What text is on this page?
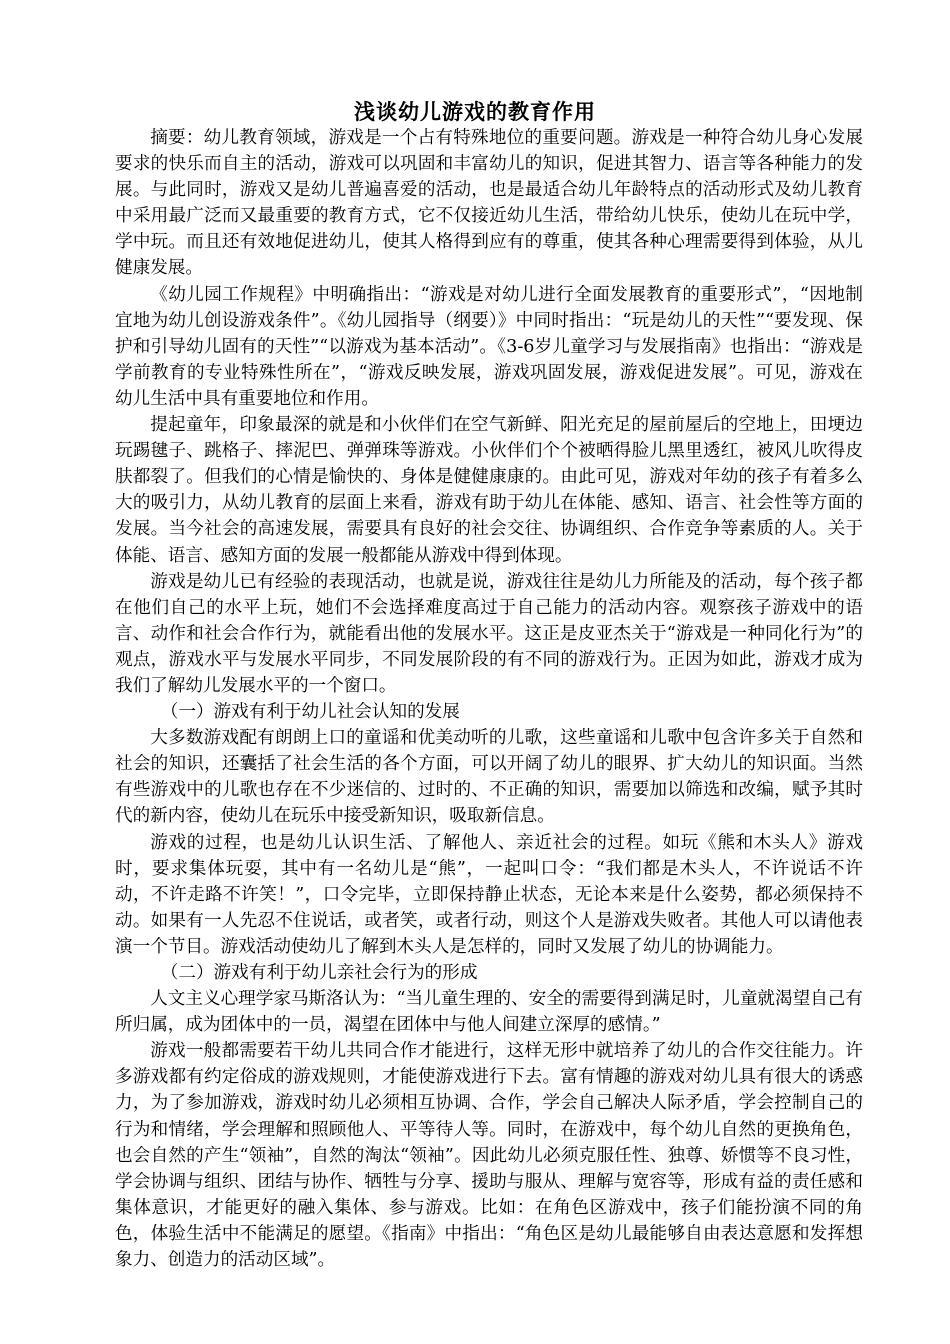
浅谈幼儿游戏的教育作用

摘要：幼儿教育领域，游戏是一个占有特殊地位的重要问题。游戏是一种符合幼儿身心发展要求的快乐而自主的活动，游戏可以巩固和丰富幼儿的知识，促进其智力、语言等各种能力的发展。与此同时，游戏又是幼儿普遍喜爱的活动，也是最适合幼儿年龄特点的活动形式及幼儿教育中采用最广泛而又最重要的教育方式，它不仅接近幼儿生活，带给幼儿快乐，使幼儿在玩中学，学中玩。而且还有效地促进幼儿，使其人格得到应有的尊重，使其各种心理需要得到体验，从儿健康发展。

《幼儿园工作规程》中明确指出：“游戏是对幼儿进行全面发展教育的重要形式”，“因地制宜地为幼儿创设游戏条件”。《幼儿园指导（纲要）》中同时指出：“玩是幼儿的天性”“要发现、保护和引导幼儿固有的天性”“以游戏为基本活动”。《3-6岁儿童学习与发展指南》也指出：“游戏是学前教育的专业特殊性所在”，“游戏反映发展，游戏巩固发展，游戏促进发展”。可见，游戏在幼儿生活中具有重要地位和作用。

提起童年，印象最深的就是和小伙伴们在空气新鲜、阳光充足的屋前屋后的空地上，田埂边玩踢毽子、跳格子、摔泥巴、弹弹珠等游戏。小伙伴们个个被晒得脸儿黑里透红，被风儿吹得皮肤都裂了。但我们的心情是愉快的、身体是健健康康的。由此可见，游戏对年幼的孩子有着多么大的吸引力，从幼儿教育的层面上来看，游戏有助于幼儿在体能、感知、语言、社会性等方面的发展。当今社会的高速发展，需要具有良好的社会交往、协调组织、合作竞争等素质的人。关于体能、语言、感知方面的发展一般都能从游戏中得到体现。

游戏是幼儿已有经验的表现活动，也就是说，游戏往往是幼儿力所能及的活动，每个孩子都在他们自己的水平上玩，她们不会选择难度高过于自己能力的活动内容。观察孩子游戏中的语言、动作和社会合作行为，就能看出他的发展水平。这正是皮亚杰关于“游戏是一种同化行为”的观点，游戏水平与发展水平同步，不同发展阶段的有不同的游戏行为。正因为如此，游戏才成为我们了解幼儿发展水平的一个窗口。

（一）游戏有利于幼儿社会认知的发展

大多数游戏配有朗朗上口的童谣和优美动听的儿歌，这些童谣和儿歌中包含许多关于自然和社会的知识，还囊括了社会生活的各个方面，可以开阔了幼儿的眼界、扩大幼儿的知识面。当然有些游戏中的儿歌也存在不少迷信的、过时的、不正确的知识，需要加以筛选和改编，赋予其时代的新内容，使幼儿在玩乐中接受新知识，吸取新信息。

游戏的过程，也是幼儿认识生活、了解他人、亲近社会的过程。如玩《熊和木头人》游戏时，要求集体玩耍，其中有一名幼儿是“熊”，一起叫口令：“我们都是木头人，不许说话不许动，不许走路不许笑！”，口令完毕，立即保持静止状态，无论本来是什么姿势，都必须保持不动。如果有一人先忍不住说话，或者笑，或者行动，则这个人是游戏失败者。其他人可以请他表演一个节目。游戏活动使幼儿了解到木头人是怎样的，同时又发展了幼儿的协调能力。

（二）游戏有利于幼儿亲社会行为的形成

人文主义心理学家马斯洛认为：“当儿童生理的、安全的需要得到满足时，儿童就渴望自己有所归属，成为团体中的一员，渴望在团体中与他人间建立深厚的感情。”

游戏一般都需要若干幼儿共同合作才能进行，这样无形中就培养了幼儿的合作交往能力。许多游戏都有约定俗成的游戏规则，才能使游戏进行下去。富有情趣的游戏对幼儿具有很大的诱惑力，为了参加游戏，游戏时幼儿必须相互协调、合作，学会自己解决人际矛盾，学会控制自己的行为和情绪，学会理解和照顾他人、平等待人等。同时，在游戏中，每个幼儿自然的更换角色，也会自然的产生“领袖”，自然的淘汰“领袖”。因此幼儿必须克服任性、独尊、娇惯等不良习性，学会协调与组织、团结与协作、牺牲与分享、援助与服从、理解与宽容等，形成有益的责任感和集体意识，才能更好的融入集体、参与游戏。比如：在角色区游戏中，孩子们能扮演不同的角色，体验生活中不能满足的愿望。《指南》中指出：“角色区是幼儿最能够自由表达意愿和发挥想象力、创造力的活动区域”。
